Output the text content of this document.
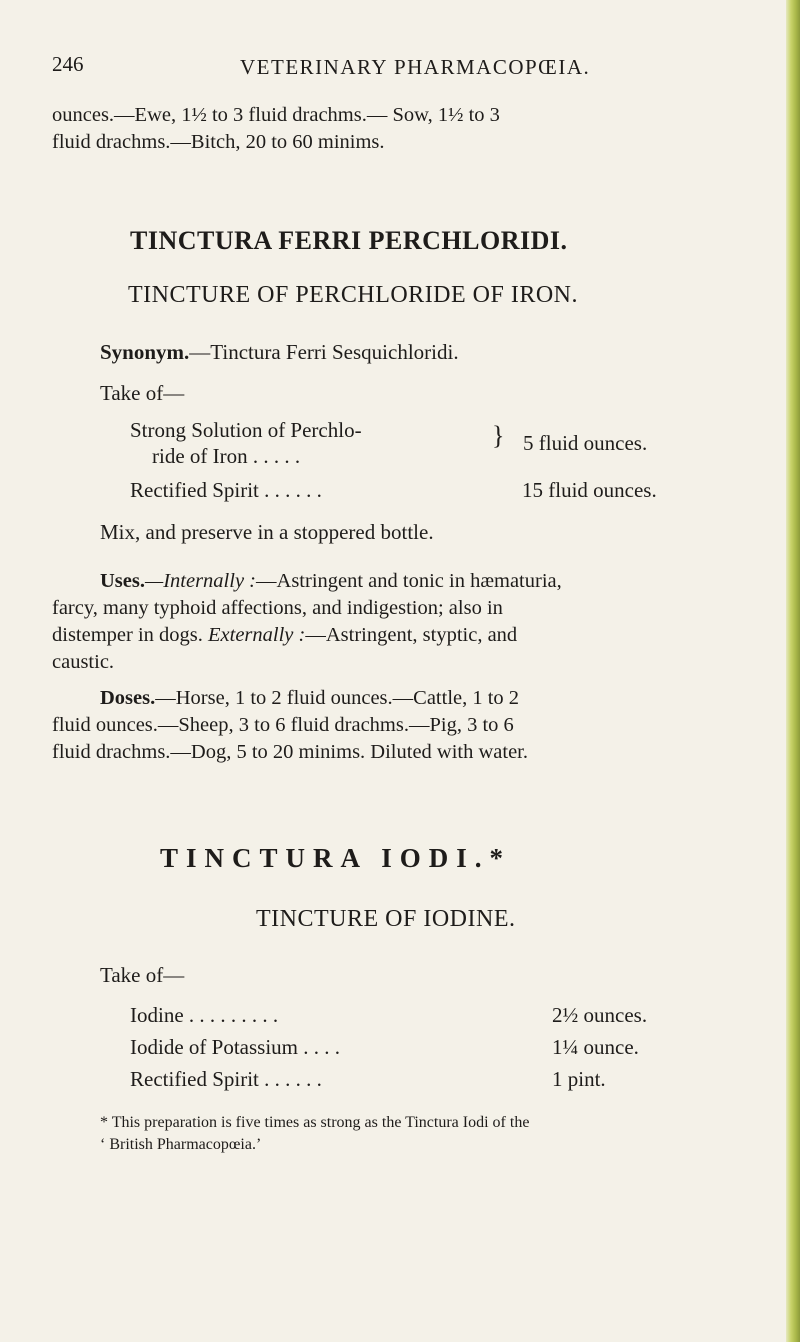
246	VETERINARY PHARMACOPŒIA.
ounces.—Ewe, 1½ to 3 fluid drachms.— Sow, 1½ to 3
fluid drachms.—Bitch, 20 to 60 minims.
TINCTURA FERRI PERCHLORIDI.
TINCTURE OF PERCHLORIDE OF IRON.
Synonym.—Tinctura Ferri Sesquichloridi.
Take of—
Strong Solution of Perchlo-
ride of Iron . . . . .
} 5 fluid ounces.
Rectified Spirit . . . . . .	15 fluid ounces.
Mix, and preserve in a stoppered bottle.
Uses.—Internally :—Astringent and tonic in hæmaturia,
farcy, many typhoid affections, and indigestion; also in
distemper in dogs. Externally :—Astringent, styptic, and
caustic.
Doses.—Horse, 1 to 2 fluid ounces.—Cattle, 1 to 2
fluid ounces.—Sheep, 3 to 6 fluid drachms.—Pig, 3 to 6
fluid drachms.—Dog, 5 to 20 minims. Diluted with water.
TINCTURA IODI.*
TINCTURE OF IODINE.
Take of—
Iodine . . . . . . . . .	2½ ounces.
Iodide of Potassium . . . .	1¼ ounce.
Rectified Spirit . . . . . .	1 pint.
* This preparation is five times as strong as the Tinctura Iodi of the
‘ British Pharmacopœia.’
